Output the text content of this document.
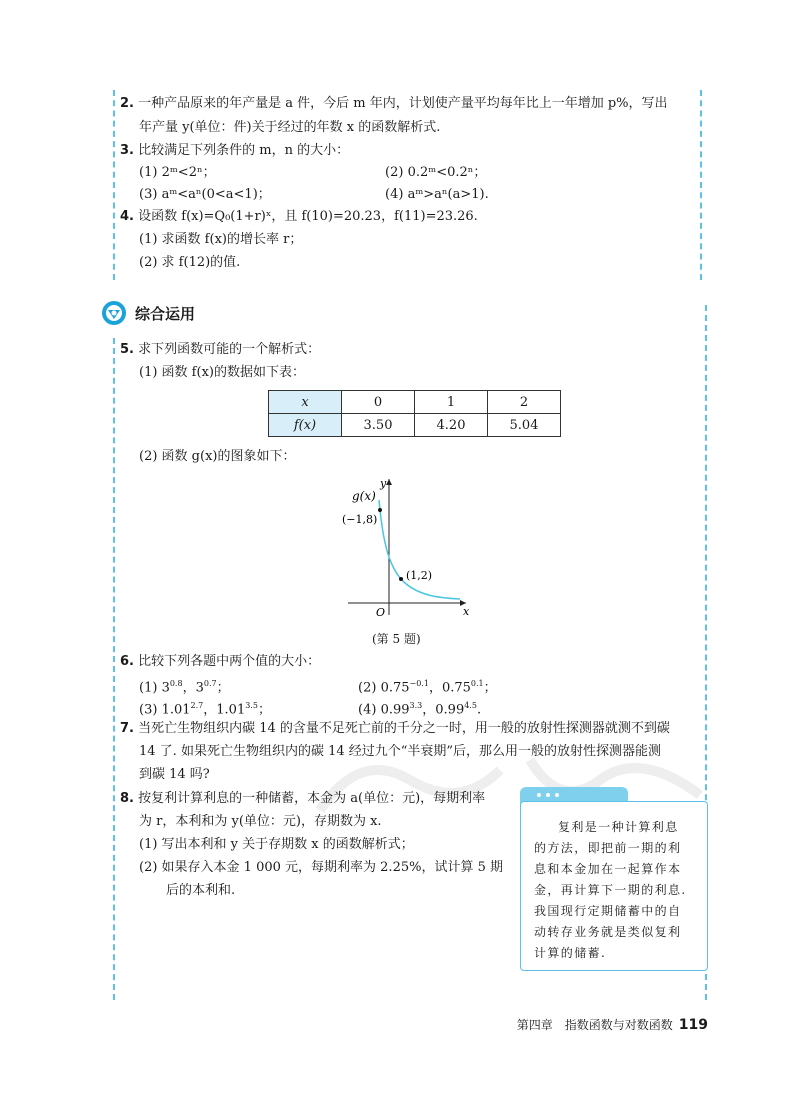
2. 一种产品原来的年产量是 a 件，今后 m 年内，计划使产量平均每年比上一年增加 p%，写出
年产量 y(单位：件)关于经过的年数 x 的函数解析式.
3. 比较满足下列条件的 m，n 的大小：
(1) 2ᵐ<2ⁿ；	(2) 0.2ᵐ<0.2ⁿ；
(3) aᵐ<aⁿ(0<a<1)；	(4) aᵐ>aⁿ(a>1).
4. 设函数 f(x)=Q₀(1+r)ˣ，且 f(10)=20.23，f(11)=23.26.
(1) 求函数 f(x)的增长率 r；
(2) 求 f(12)的值.
综合运用
5. 求下列函数可能的一个解析式：
(1) 函数 f(x)的数据如下表：
x	0	1	2
f(x)	3.50	4.20	5.04
(2) 函数 g(x)的图象如下：
g(x)
y
x
O
(−1,8)
(1,2)
(第 5 题)
6. 比较下列各题中两个值的大小：
(1) $3^{0.8}$，$3^{0.7}$；	(2) $0.75^{-0.1}$，$0.75^{0.1}$；
(3) $1.01^{2.7}$，$1.01^{3.5}$；	(4) $0.99^{3.3}$，$0.99^{4.5}$.
7. 当死亡生物组织内碳 14 的含量不足死亡前的千分之一时，用一般的放射性探测器就测不到碳
14 了. 如果死亡生物组织内的碳 14 经过九个“半衰期”后，那么用一般的放射性探测器能测
到碳 14 吗?
8. 按复利计算利息的一种储蓄，本金为 a(单位：元)，每期利率
为 r，本利和为 y(单位：元)，存期数为 x.
(1) 写出本利和 y 关于存期数 x 的函数解析式；
(2) 如果存入本金 1 000 元，每期利率为 2.25%，试计算 5 期
后的本利和.
复利是一种计算利息
的方法，即把前一期的利
息和本金加在一起算作本
金，再计算下一期的利息.
我国现行定期储蓄中的自
动转存业务就是类似复利
计算的储蓄.
第四章　指数函数与对数函数 119
